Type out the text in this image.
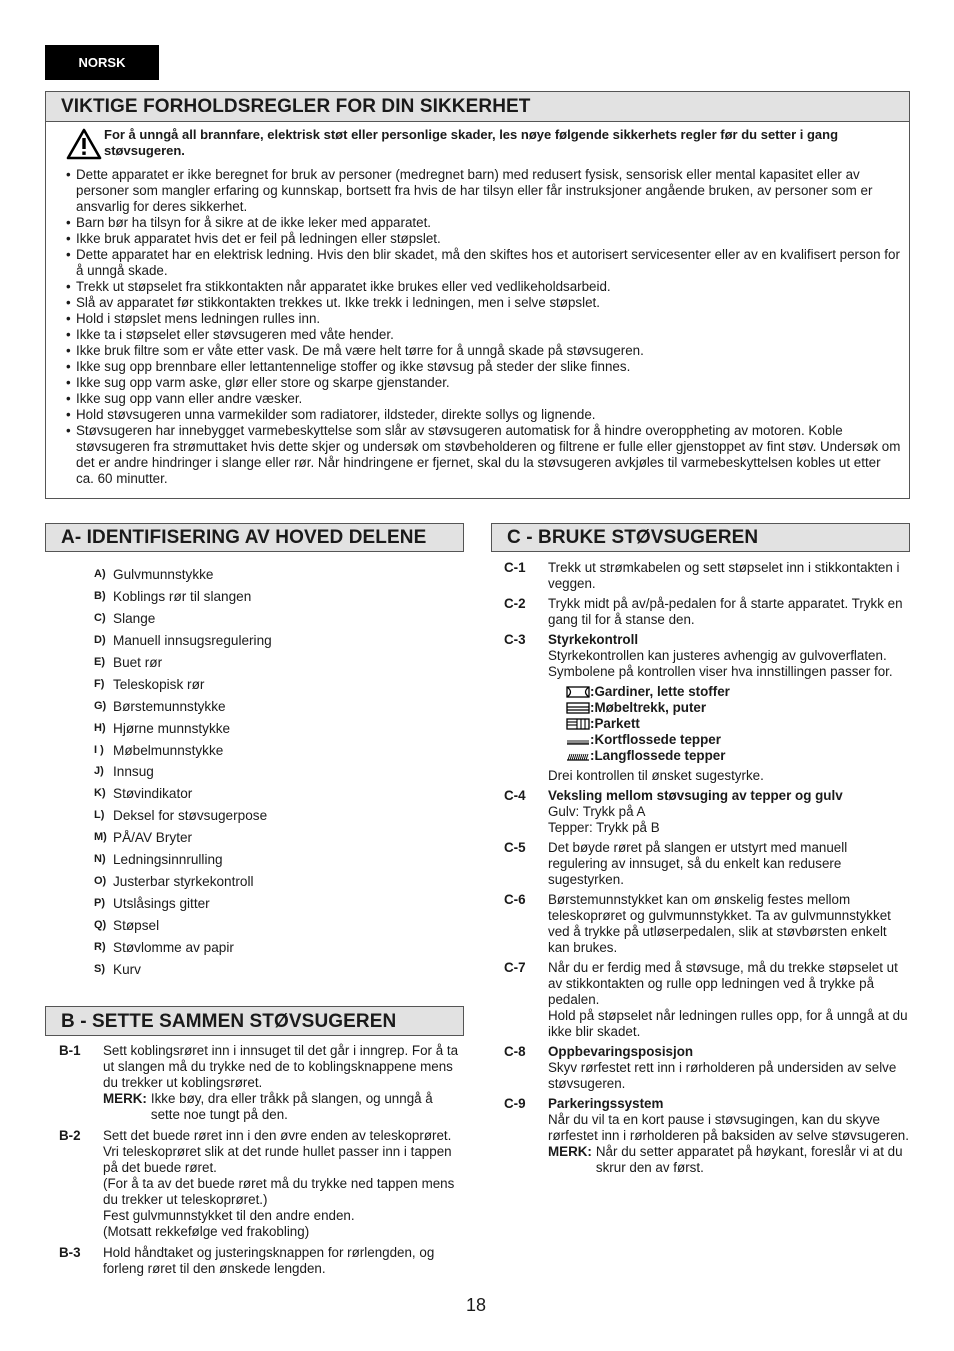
NORSK
VIKTIGE FORHOLDSREGLER FOR DIN SIKKERHET
For å unngå all brannfare, elektrisk støt eller personlige skader, les nøye følgende sikkerhets regler før du setter i gang støvsugeren.
• Dette apparatet er ikke beregnet for bruk av personer (medregnet barn) med redusert fysisk, sensorisk eller mental kapasitet eller av personer som mangler erfaring og kunnskap, bortsett fra hvis de har tilsyn eller får instruksjoner angående bruken, av personer som er ansvarlig for deres sikkerhet.
• Barn bør ha tilsyn for å sikre at de ikke leker med apparatet.
• Ikke bruk apparatet hvis det er feil på ledningen eller støpslet.
• Dette apparatet har en elektrisk ledning. Hvis den blir skadet, må den skiftes hos et autorisert servicesenter eller av en kvalifisert person for å unngå skade.
• Trekk ut støpselet fra stikkontakten når apparatet ikke brukes eller ved vedlikeholdsarbeid.
• Slå av apparatet før stikkontakten trekkes ut. Ikke trekk i ledningen, men i selve støpslet.
• Hold i støpslet mens ledningen rulles inn.
• Ikke ta i støpselet eller støvsugeren med våte hender.
• Ikke bruk filtre som er våte etter vask. De må være helt tørre for å unngå skade på støvsugeren.
• Ikke sug opp brennbare eller lettantennelige stoffer og ikke støvsug på steder der slike finnes.
• Ikke sug opp varm aske, glør eller store og skarpe gjenstander.
• Ikke sug opp vann eller andre væsker.
• Hold støvsugeren unna varmekilder som radiatorer, ildsteder, direkte sollys og lignende.
• Støvsugeren har innebygget varmebeskyttelse som slår av støvsugeren automatisk for å hindre overoppheting av motoren. Koble støvsugeren fra strømuttaket hvis dette skjer og undersøk om støvbeholderen og filtrene er fulle eller gjenstoppet av fint støv. Undersøk om det er andre hindringer i slange eller rør. Når hindringene er fjernet, skal du la støvsugeren avkjøles til varmebeskyttelsen kobles ut etter ca. 60 minutter.
A- IDENTIFISERING AV HOVED DELENE
A) Gulvmunnstykke
B) Koblings rør til slangen
C) Slange
D) Manuell innsugsregulering
E) Buet rør
F) Teleskopisk rør
G) Børstemunnstykke
H) Hjørne munnstykke
I ) Møbelmunnstykke
J) Innsug
K) Støvindikator
L) Deksel for støvsugerpose
M) PÅ/AV Bryter
N) Ledningsinnrulling
O) Justerbar styrkekontroll
P) Utslåsings gitter
Q) Støpsel
R) Støvlomme av papir
S) Kurv
B - SETTE SAMMEN STØVSUGEREN
B-1	Sett koblingsrøret inn i innsuget til det går i inngrep. For å ta ut slangen må du trykke ned de to koblingsknappene mens du trekker ut koblingsrøret.
MERK: Ikke bøy, dra eller tråkk på slangen, og unngå å sette noe tungt på den.
B-2	Sett det buede røret inn i den øvre enden av teleskoprøret.
Vri teleskoprøret slik at det runde hullet passer inn i tappen på det buede røret.
(For å ta av det buede røret må du trykke ned tappen mens du trekker ut teleskoprøret.)
Fest gulvmunnstykket til den andre enden.
(Motsatt rekkefølge ved frakobling)
B-3	Hold håndtaket og justeringsknappen for rørlengden, og forleng røret til den ønskede lengden.
C - BRUKE STØVSUGEREN
C-1	Trekk ut strømkabelen og sett støpselet inn i stikkontakten i veggen.
C-2	Trykk midt på av/på-pedalen for å starte apparatet. Trykk en gang til for å stanse den.
C-3	Styrkekontroll
Styrkekontrollen kan justeres avhengig av gulvoverflaten.
Symbolene på kontrollen viser hva innstillingen passer for.
:Gardiner, lette stoffer
:Møbeltrekk, puter
:Parkett
:Kortflossede tepper
:Langflossede tepper
Drei kontrollen til ønsket sugestyrke.
C-4	Veksling mellom støvsuging av tepper og gulv
Gulv: Trykk på A
Tepper: Trykk på B
C-5	Det bøyde røret på slangen er utstyrt med manuell regulering av innsuget, så du enkelt kan redusere sugestyrken.
C-6	Børstemunnstykket kan om ønskelig festes mellom teleskoprøret og gulvmunnstykket. Ta av gulvmunnstykket ved å trykke på utløserpedalen, slik at støvbørsten enkelt kan brukes.
C-7	Når du er ferdig med å støvsuge, må du trekke støpselet ut av stikkontakten og rulle opp ledningen ved å trykke på pedalen.
Hold på støpselet når ledningen rulles opp, for å unngå at du ikke blir skadet.
C-8	Oppbevaringsposisjon
Skyv rørfestet rett inn i rørholderen på undersiden av selve støvsugeren.
C-9	Parkeringssystem
Når du vil ta en kort pause i støvsugingen, kan du skyve rørfestet inn i rørholderen på baksiden av selve støvsugeren.
MERK: Når du setter apparatet på høykant, foreslår vi at du skrur den av først.
18
